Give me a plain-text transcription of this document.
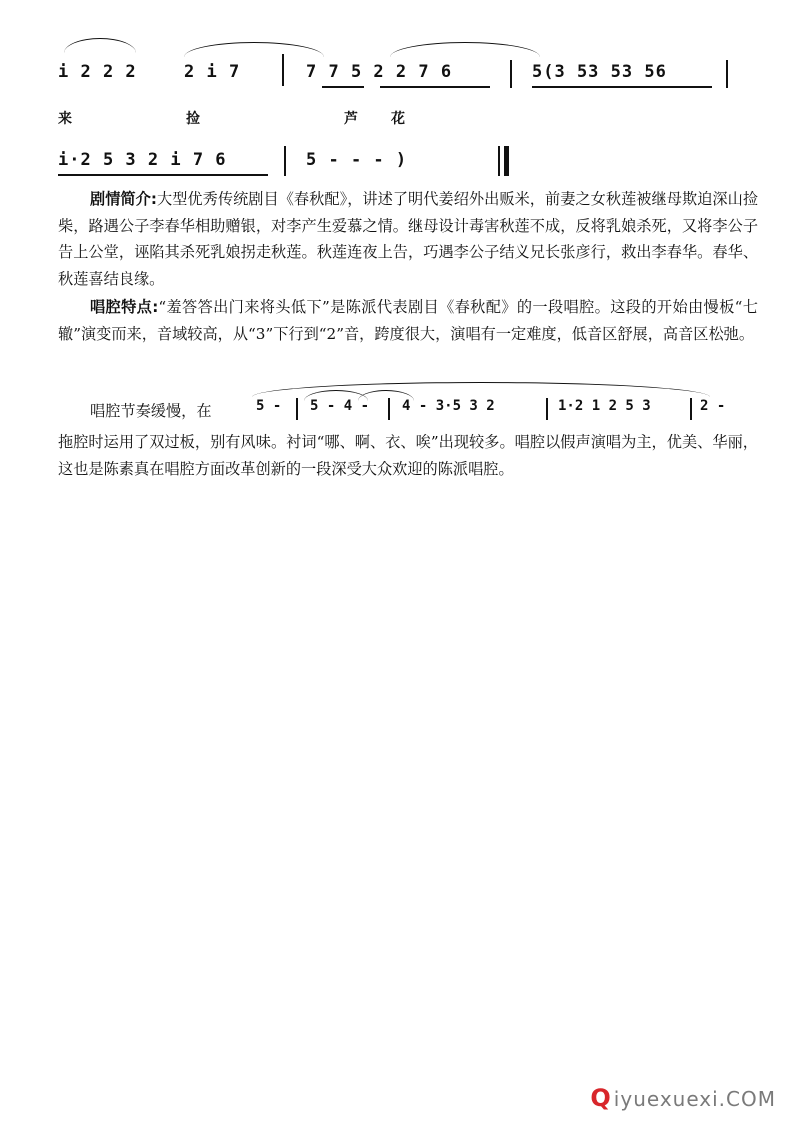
i 2 2 2	2 i 7	7 7 5 2 2 7 6	5(3 53 53 56
来	捡	芦 花
i·2 5 3 2 i 7 6	5 - - - )

剧情简介:大型优秀传统剧目《春秋配》，讲述了明代姜绍外出贩米，前妻之女秋莲被继母欺迫深山捡柴，路遇公子李春华相助赠银，对李产生爱慕之情。继母设计毒害秋莲不成，反将乳娘杀死，又将李公子告上公堂，诬陷其杀死乳娘拐走秋莲。秋莲连夜上告，巧遇李公子结义兄长张彦行，救出李春华。春华、秋莲喜结良缘。

唱腔特点:“羞答答出门来将头低下”是陈派代表剧目《春秋配》的一段唱腔。这段的开始由慢板“七辙”演变而来，音域较高，从“3”下行到“2”音，跨度很大，演唱有一定难度，低音区舒展，高音区松弛。

唱腔节奏缓慢，在	5 - 5 - 4 - 4 - 3·5 3 2	1·2 1 2 5 3	2 -

拖腔时运用了双过板，别有风味。衬词“哪、啊、衣、唉”出现较多。唱腔以假声演唱为主，优美、华丽，这也是陈素真在唱腔方面改革创新的一段深受大众欢迎的陈派唱腔。

Q iyuexuexi.COM
